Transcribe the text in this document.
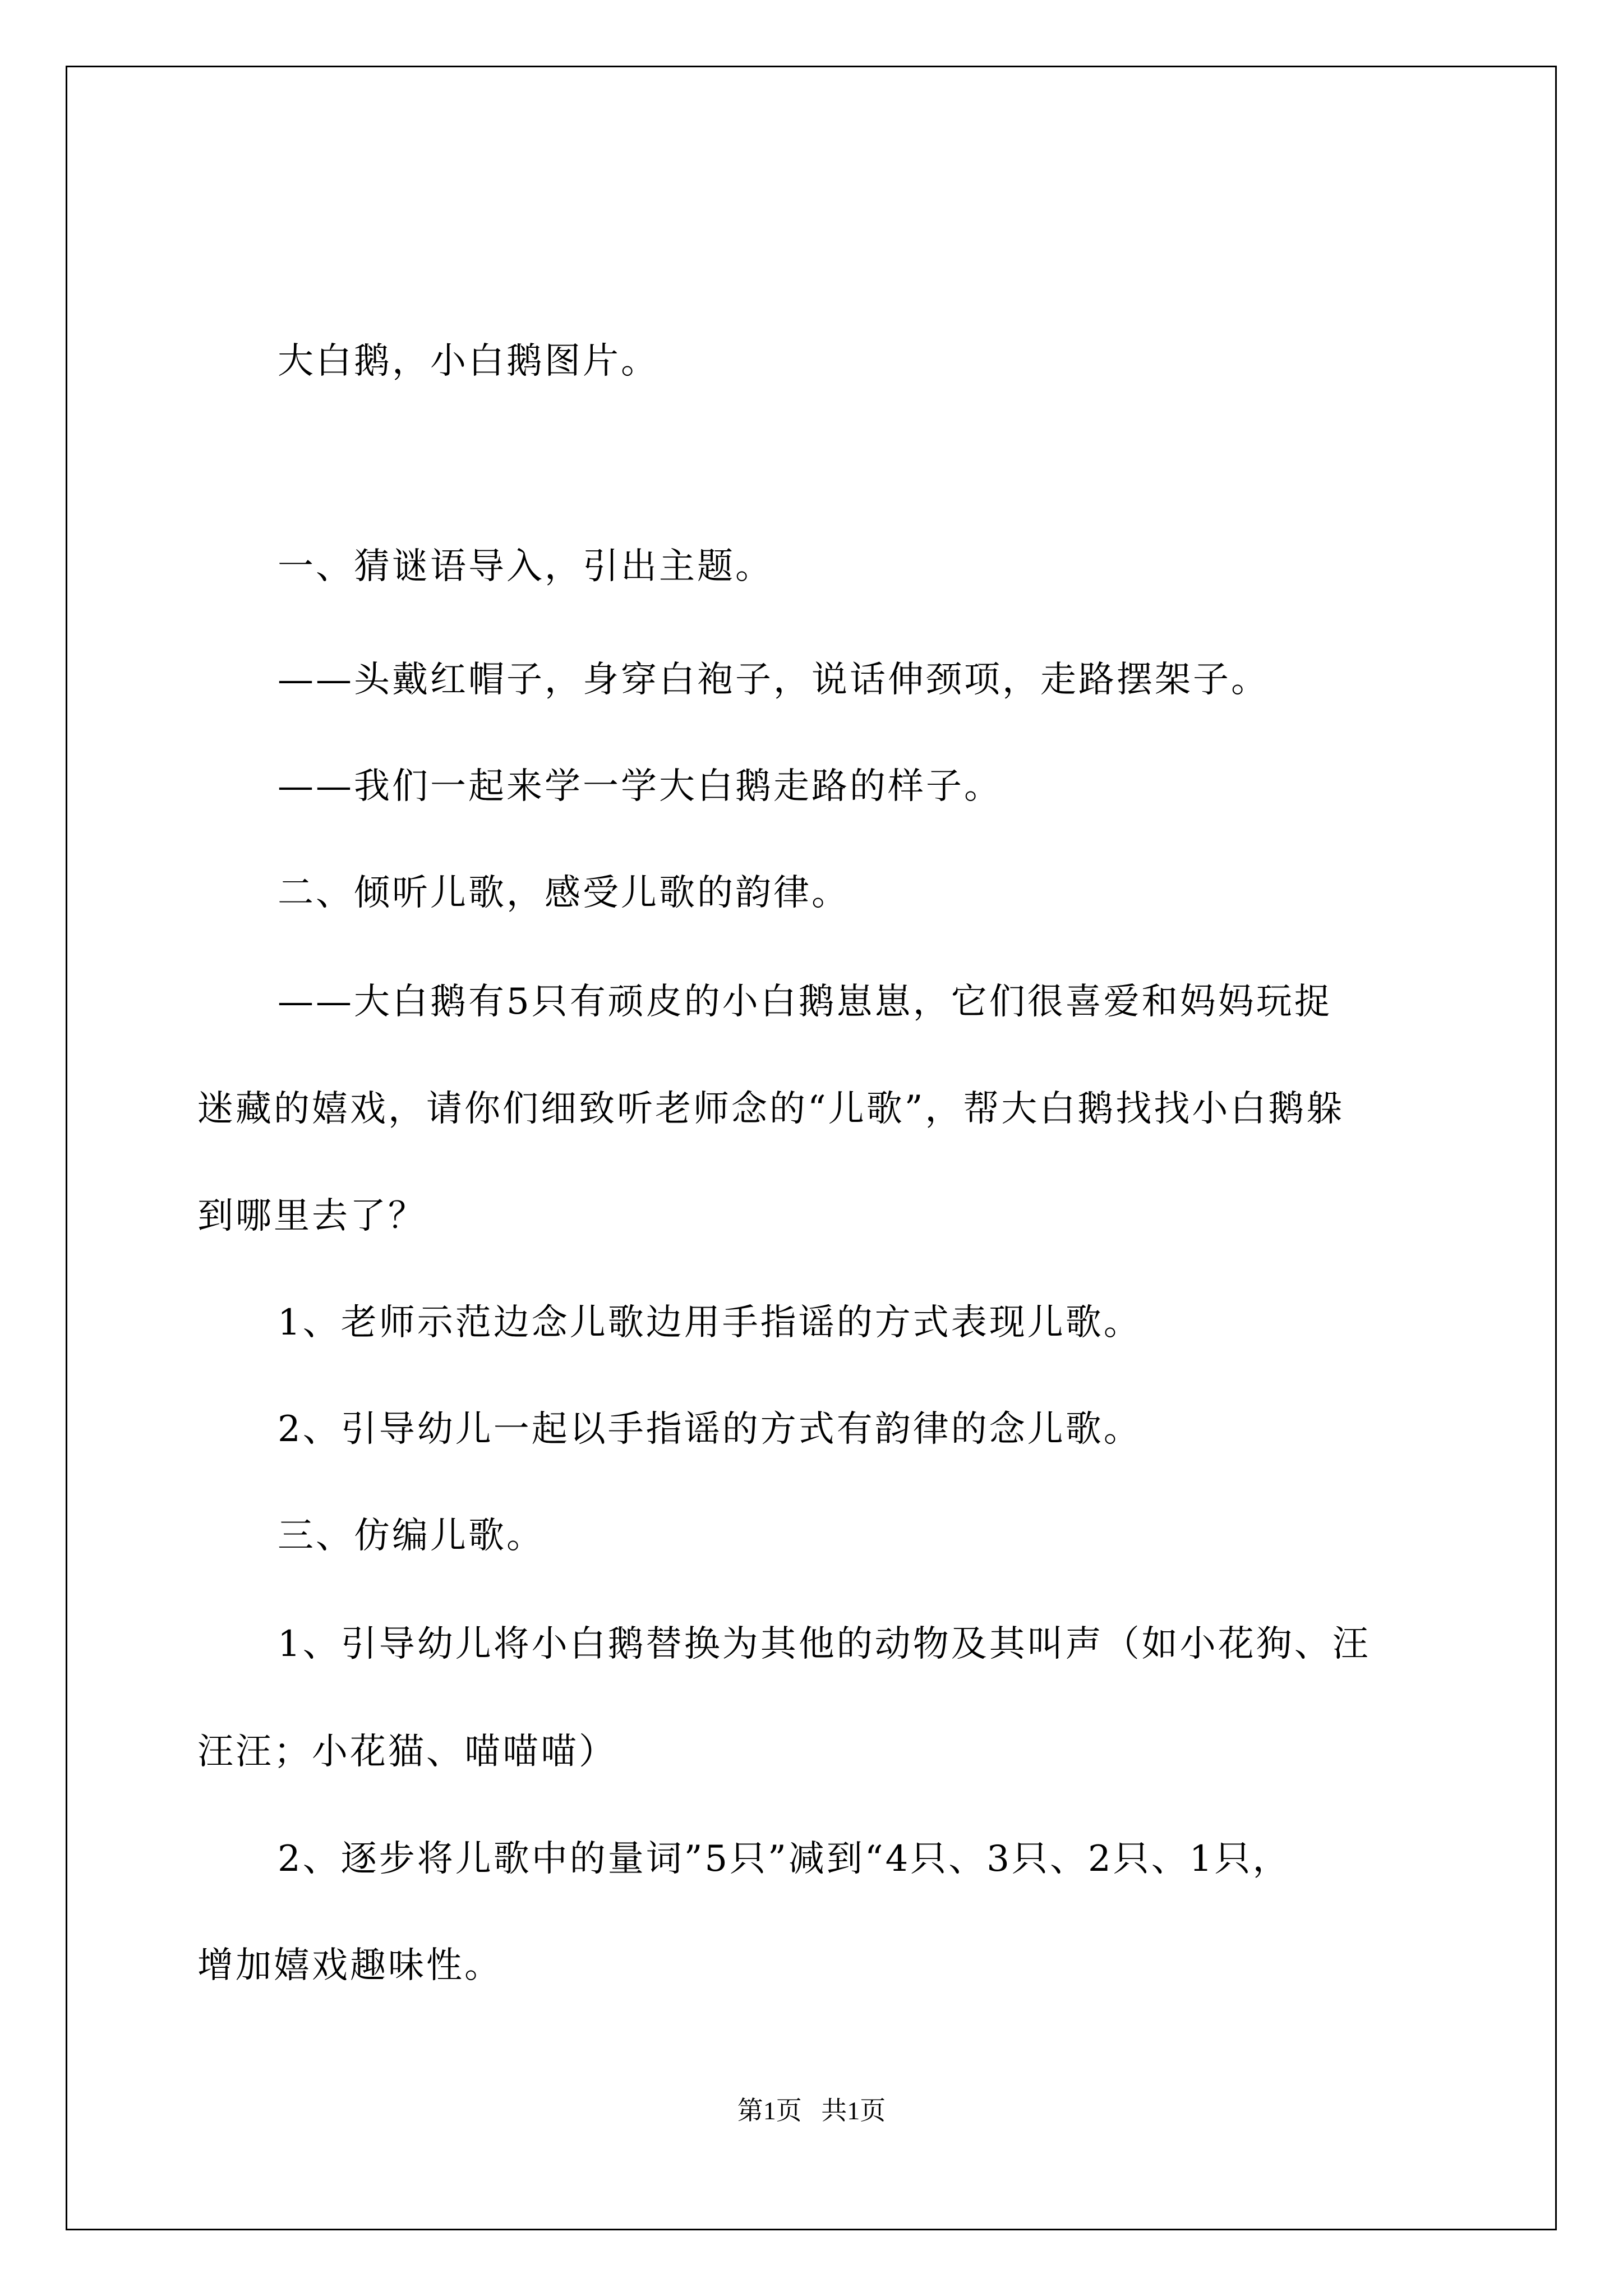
大白鹅，小白鹅图片。
一、猜谜语导入，引出主题。
——头戴红帽子，身穿白袍子，说话伸颈项，走路摆架子。
——我们一起来学一学大白鹅走路的样子。
二、倾听儿歌，感受儿歌的韵律。
——大白鹅有5只有顽皮的小白鹅崽崽，它们很喜爱和妈妈玩捉
迷藏的嬉戏，请你们细致听老师念的“儿歌”，帮大白鹅找找小白鹅躲
到哪里去了？
1、老师示范边念儿歌边用手指谣的方式表现儿歌。
2、引导幼儿一起以手指谣的方式有韵律的念儿歌。
三、仿编儿歌。
1、引导幼儿将小白鹅替换为其他的动物及其叫声（如小花狗、汪
汪汪；小花猫、喵喵喵）
2、逐步将儿歌中的量词”5只”减到“4只、3只、2只、1只，
增加嬉戏趣味性。
第1页   共1页
